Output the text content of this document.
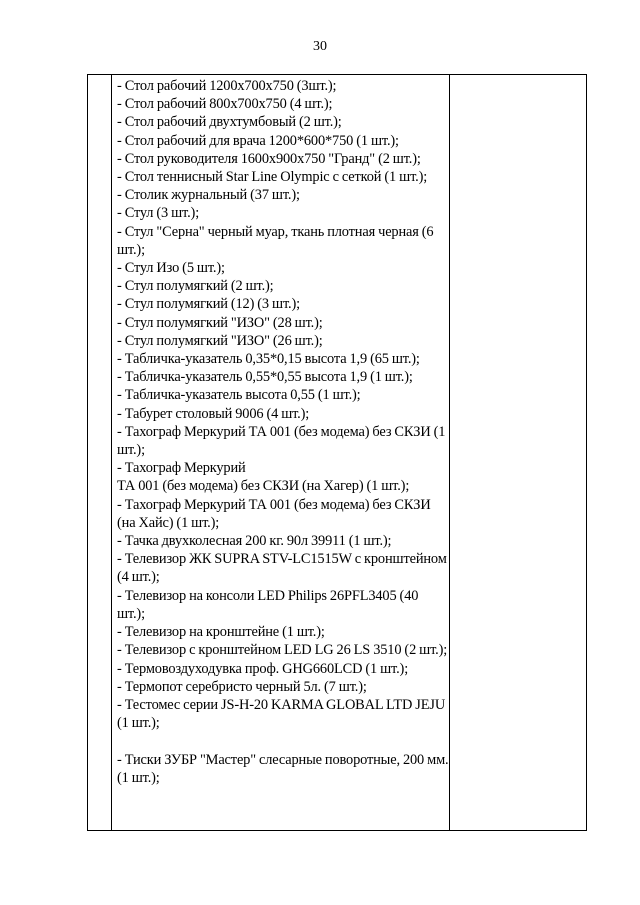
30
- Стол рабочий 1200х700х750 (3шт.);
- Стол рабочий 800х700х750 (4 шт.);
- Стол рабочий двухтумбовый (2 шт.);
- Стол рабочий для врача 1200*600*750 (1 шт.);
- Стол руководителя 1600х900х750 "Гранд" (2 шт.);
- Стол теннисный Star Line Olympic с сеткой (1 шт.);
- Столик журнальный (37 шт.);
- Стул (3 шт.);
- Стул "Серна" черный муар, ткань плотная черная (6 шт.);
- Стул Изо (5 шт.);
- Стул полумягкий (2 шт.);
- Стул полумягкий (12) (3 шт.);
- Стул полумягкий "ИЗО" (28 шт.);
- Стул полумягкий "ИЗО" (26 шт.);
- Табличка-указатель 0,35*0,15 высота 1,9 (65 шт.);
- Табличка-указатель 0,55*0,55 высота 1,9 (1 шт.);
- Табличка-указатель высота 0,55 (1 шт.);
- Табурет столовый 9006 (4 шт.);
- Тахограф Меркурий ТА 001 (без модема) без СКЗИ (1 шт.);
- Тахограф Меркурий
ТА 001 (без модема) без СКЗИ (на Хагер) (1 шт.);
- Тахограф Меркурий ТА 001 (без модема) без СКЗИ (на Хайс) (1 шт.);
- Тачка двухколесная 200 кг. 90л 39911 (1 шт.);
- Телевизор ЖК SUPRA STV-LC1515W с кронштейном (4 шт.);
- Телевизор на консоли LED Philips 26PFL3405 (40 шт.);
- Телевизор на кронштейне (1 шт.);
- Телевизор с кронштейном LED LG 26 LS 3510 (2 шт.);
- Термовоздуходувка проф. GHG660LCD (1 шт.);
- Термопот серебристо черный 5л. (7 шт.);
- Тестомес серии JS-H-20 KARMA GLOBAL LTD JEJU (1 шт.);
- Тиски ЗУБР "Мастер" слесарные поворотные, 200 мм. (1 шт.);
